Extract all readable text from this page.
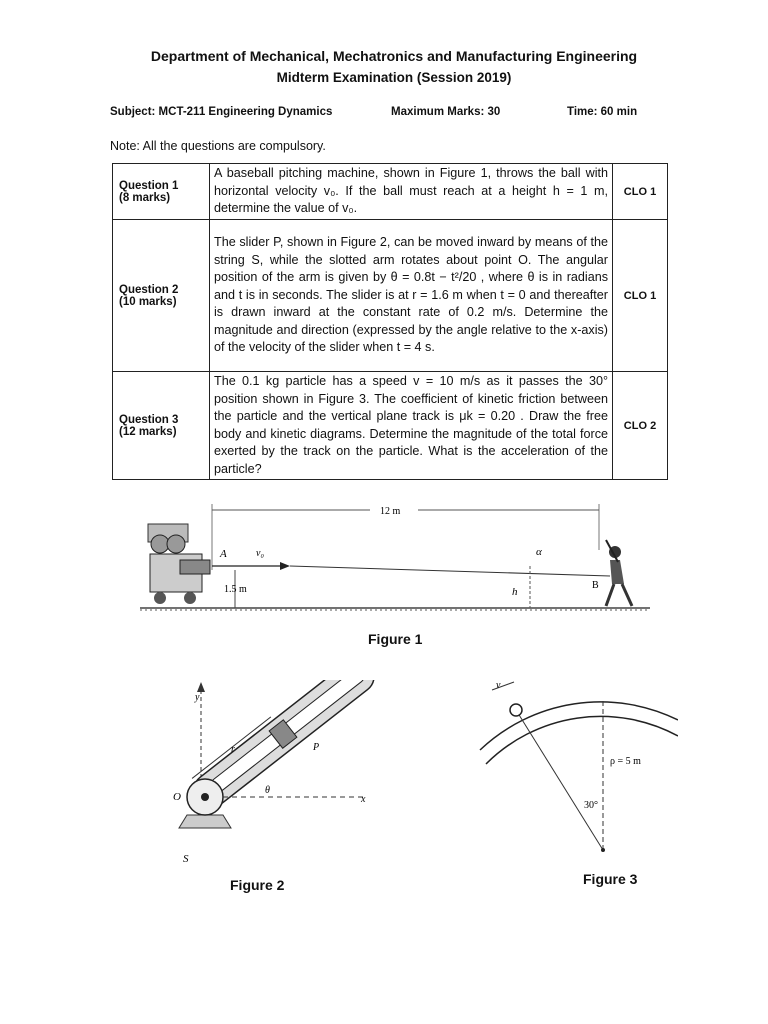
Department of Mechanical, Mechatronics and Manufacturing Engineering
Midterm Examination (Session 2019)
Subject: MCT-211 Engineering Dynamics	Maximum Marks: 30	Time: 60 min
Note: All the questions are compulsory.
Question 1
(8 marks)	A baseball pitching machine, shown in Figure 1, throws the ball with horizontal velocity v₀. If the ball must reach at a height h = 1 m, determine the value of v₀.	CLO 1

Question 2
(10 marks)	The slider P, shown in Figure 2, can be moved inward by means of the string S, while the slotted arm rotates about point O. The angular position of the arm is given by θ = 0.8t − t²/20 , where θ is in radians and t is in seconds. The slider is at r = 1.6 m when t = 0 and thereafter is drawn inward at the constant rate of 0.2 m/s. Determine the magnitude and direction (expressed by the angle relative to the x-axis) of the velocity of the slider when t = 4 s.	CLO 1

Question 3
(12 marks)	The 0.1 kg particle has a speed v = 10 m/s as it passes the 30° position shown in Figure 3. The coefficient of kinetic friction between the particle and the vertical plane track is μk = 0.20 . Draw the free body and kinetic diagrams. Determine the magnitude of the total force exerted by the track on the particle. What is the acceleration of the particle?	CLO 2
12 m
A	v₀	α
h
B
1.5 m
Figure 1
y
P
r
O
θ
x
S
Figure 2
v
ρ = 5 m
30°
Figure 3
